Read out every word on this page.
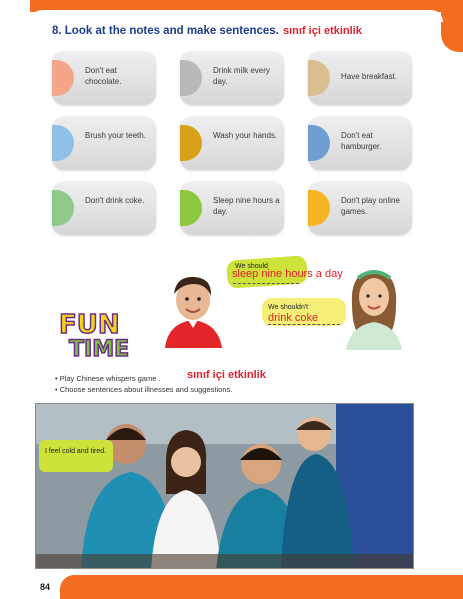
8. Look at the notes and make sentences. sınıf içi etkinlik
Don't eat chocolate.
Drink milk every day.
Have breakfast.
Brush your teeth.	Wash your hands.	Don't eat hamburger.
Don't drink coke.	Sleep nine hours a day.
Don't play online games.
FUN
TIME
We should
sleep nine hours a day
We shouldn't
drink coke
• Play Chinese whispers game . sınıf içi etkinlik
• Choose sentences about illnesses and suggestions.
I feel cold and tired.
84
